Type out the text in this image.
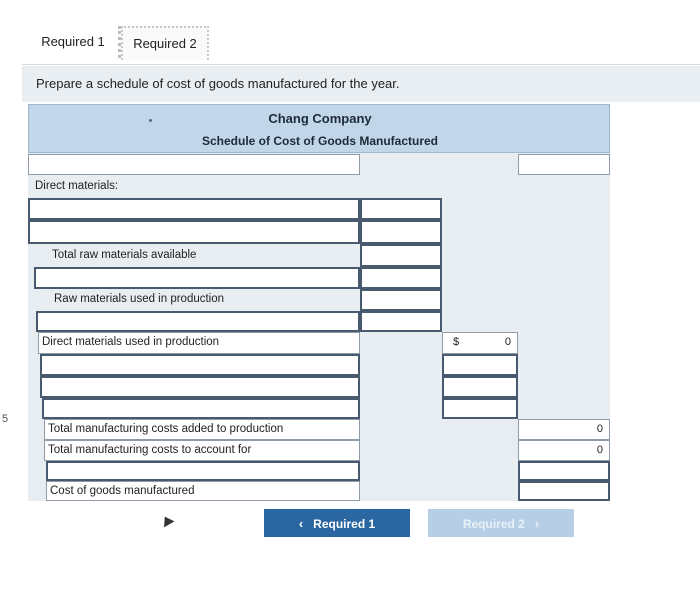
5
Required 1	Required 2
Prepare a schedule of cost of goods manufactured for the year.
Chang Company
Schedule of Cost of Goods Manufactured
Direct materials:
Total raw materials available
Raw materials used in production
Direct materials used in production	$	0
Total manufacturing costs added to production	0
Total manufacturing costs to account for	0
Cost of goods manufactured
‹ Required 1	Required 2 ›
